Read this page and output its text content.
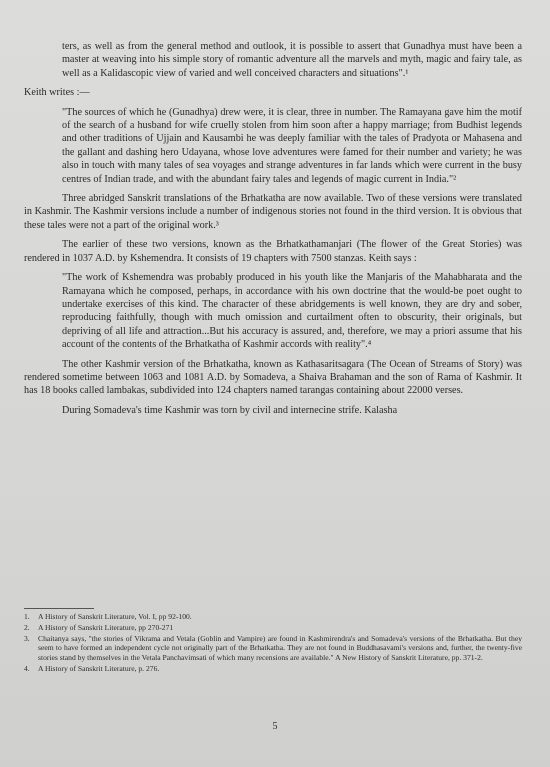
ters, as well as from the general method and outlook, it is possible to assert that Gunadhya must have been a master at weaving into his simple story of romantic adventure all the marvels and myth, magic and fairy tale, as well as a Kalidascopic view of varied and well conceived characters and situations".¹

Keith writes :—

"The sources of which he (Gunadhya) drew were, it is clear, three in number. The Ramayana gave him the motif of the search of a husband for wife cruelly stolen from him soon after a happy marriage; from Budhist legends and other traditions of Ujjain and Kausambi he was deeply familiar with the tales of Pradyota or Mahasena and the gallant and dashing hero Udayana, whose love adventures were famed for their number and variety; he was also in touch with many tales of sea voyages and strange adventures in far lands which were current in the busy centres of Indian trade, and with the abundant fairy tales and legends of magic current in India."²

Three abridged Sanskrit translations of the Brhatkatha are now available. Two of these versions were translated in Kashmir. The Kashmir versions include a number of indigenous stories not found in the third version. It is obvious that these tales were not a part of the original work.³

The earlier of these two versions, known as the Brhatkathamanjari (The flower of the Great Stories) was rendered in 1037 A.D. by Kshemendra. It consists of 19 chapters with 7500 stanzas. Keith says :

"The work of Kshemendra was probably produced in his youth like the Manjaris of the Mahabharata and the Ramayana which he composed, perhaps, in accordance with his own doctrine that the would-be poet ought to undertake exercises of this kind. The character of these abridgements is well known, they are dry and sober, reproducing faithfully, though with much omission and curtailment often to obscurity, their originals, but depriving of all life and attraction...But his accuracy is assured, and, therefore, we may a priori assume that his account of the contents of the Brhatkatha of Kashmir accords with reality".⁴

The other Kashmir version of the Brhatkatha, known as Kathasaritsagara (The Ocean of Streams of Story) was rendered sometime between 1063 and 1081 A.D. by Somadeva, a Shaiva Brahaman and the son of Rama of Kashmir. It has 18 books called lambakas, subdivided into 124 chapters named tarangas containing about 22000 verses.

During Somadeva's time Kashmir was torn by civil and internecine strife. Kalasha

1.	A History of Sanskrit Literature, Vol. I, pp 92-100.
2.	A History of Sanskrit Literature, pp 270-271
3.	Chaitanya says, "the stories of Vikrama and Vetala (Goblin and Vampire) are found in Kashmirendra's and Somadeva's versions of the Brhatkatha. But they seem to have formed an independent cycle not originally part of the Brhatkatha. They are not found in Buddhasavami's versions and, further, the twenty-five stories stand by themselves in the Vetala Panchavimsati of which many recensions are available." A New History of Sanskrit Literature, pp. 371-2.
4.	A History of Sanskrit Literature, p. 276.
5
